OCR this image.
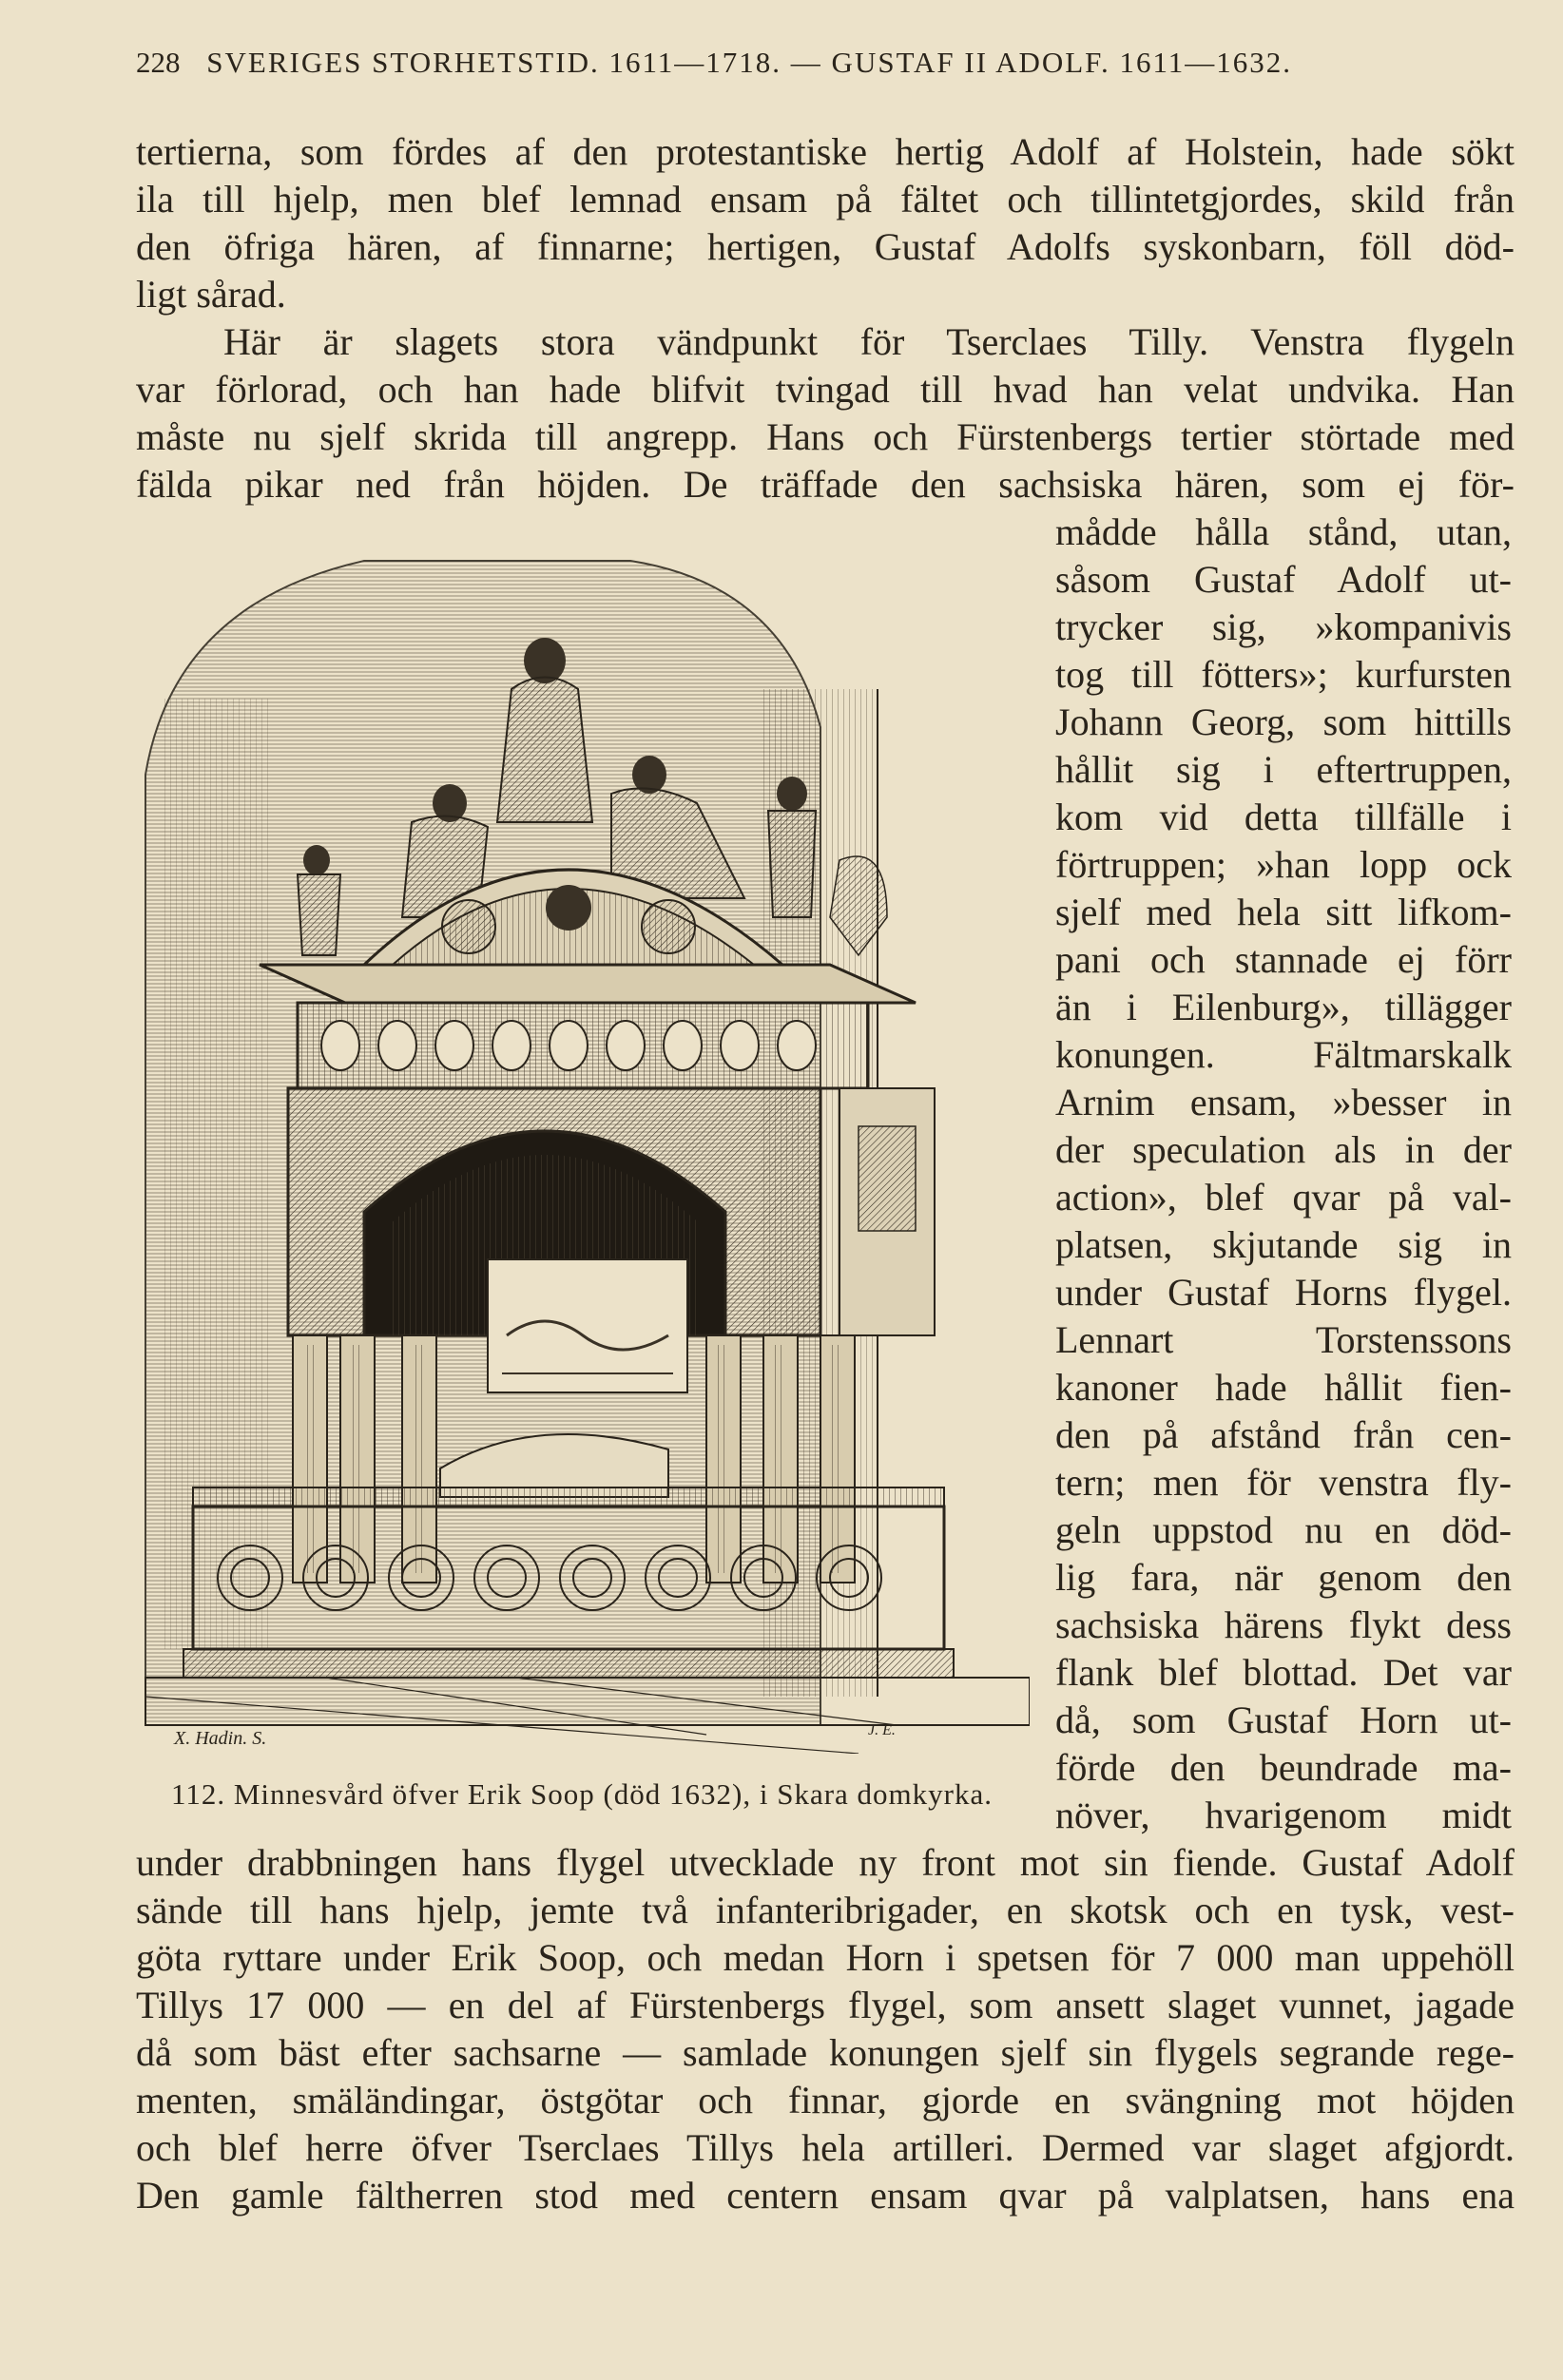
228 SVERIGES STORHETSTID. 1611—1718. — GUSTAF II ADOLF. 1611—1632.
tertierna, som fördes af den protestantiske hertig Adolf af Holstein, hade sökt
ila till hjelp, men blef lemnad ensam på fältet och tillintetgjordes, skild från
den öfriga hären, af finnarne; hertigen, Gustaf Adolfs syskonbarn, föll död-
ligt sårad.
Här är slagets stora vändpunkt för Tserclaes Tilly. Venstra flygeln
var förlorad, och han hade blifvit tvingad till hvad han velat undvika. Han
måste nu sjelf skrida till angrepp. Hans och Fürstenbergs tertier störtade med
fälda pikar ned från höjden. De träffade den sachsiska hären, som ej för-
mådde hålla stånd, utan,
såsom Gustaf Adolf ut-
trycker sig, »kompanivis
tog till fötters»; kurfursten
Johann Georg, som hittills
hållit sig i eftertruppen,
kom vid detta tillfälle i
förtruppen; »han lopp ock
sjelf med hela sitt lifkom-
pani och stannade ej förr
än i Eilenburg», tillägger
konungen. Fältmarskalk
Arnim ensam, »besser in
der speculation als in der
action», blef qvar på val-
platsen, skjutande sig in
under Gustaf Horns flygel.
Lennart Torstenssons
kanoner hade hållit fien-
den på afstånd från cen-
tern; men för venstra fly-
geln uppstod nu en död-
lig fara, när genom den
sachsiska härens flykt dess
flank blef blottad. Det var
då, som Gustaf Horn ut-
förde den beundrade ma-
növer, hvarigenom midt
X. Hadin. S.	J. E.
112. Minnesvård öfver Erik Soop (död 1632), i Skara domkyrka.
under drabbningen hans flygel utvecklade ny front mot sin fiende. Gustaf Adolf
sände till hans hjelp, jemte två infanteribrigader, en skotsk och en tysk, vest-
göta ryttare under Erik Soop, och medan Horn i spetsen för 7 000 man uppehöll
Tillys 17 000 — en del af Fürstenbergs flygel, som ansett slaget vunnet, jagade
då som bäst efter sachsarne — samlade konungen sjelf sin flygels segrande rege-
menten, smäländingar, östgötar och finnar, gjorde en svängning mot höjden
och blef herre öfver Tserclaes Tillys hela artilleri. Dermed var slaget afgjordt.
Den gamle fältherren stod med centern ensam qvar på valplatsen, hans ena
